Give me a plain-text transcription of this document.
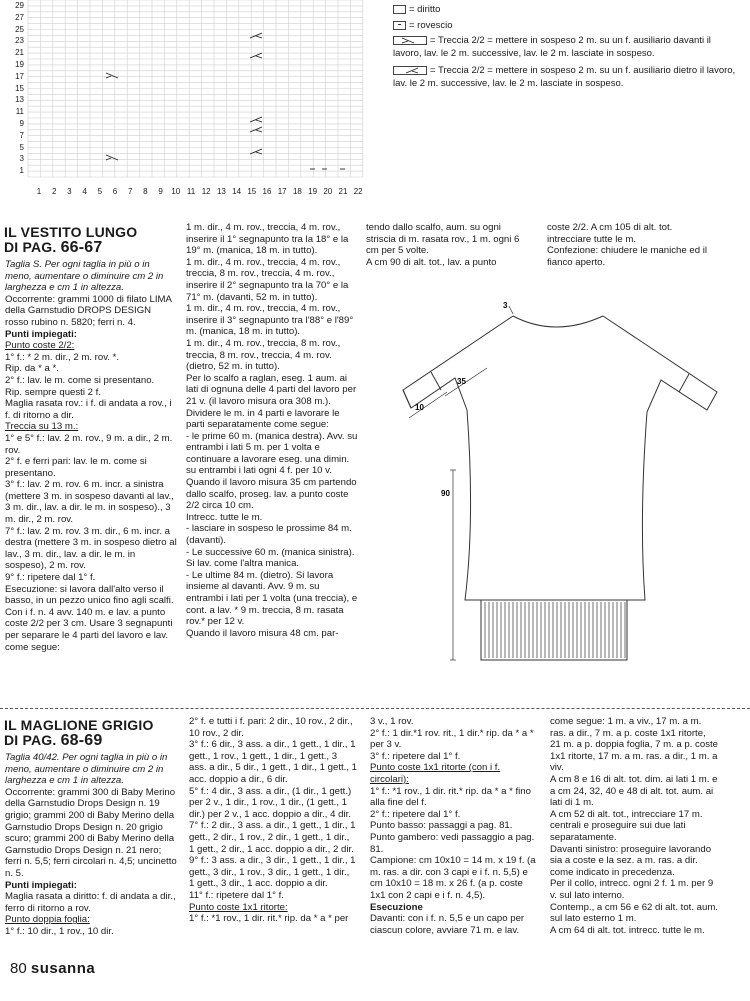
29
27
25
23
21
19
17
15
13
11
9
7
5
3
1
1	2	3	4	5	6	7	8	9	10 11 12 13 14 15 16 17 18 19 20 21 22
= diritto
= rovescio
= Treccia 2/2 = mettere in sospeso 2 m. su un f. ausiliario davanti il lavoro, lav. le 2 m. successive, lav. le 2 m. lasciate in sospeso.
= Treccia 2/2 = mettere in sospeso 2 m. su un f. ausiliario dietro il lavoro, lav. le 2 m. successive, lav. le 2 m. lasciate in sospeso.
IL VESTITO LUNGO
DI PAG. 66-67

Taglia S. Per ogni taglia in più o in meno, aumentare o diminuire cm 2 in larghezza e cm 1 in altezza.

Occorrente: grammi 1000 di filato LIMA della Garnstudio DROPS DESIGN rosso rubino n. 5820; ferri n. 4.

Punti impiegati:

Punto coste 2/2:

1° f.: * 2 m. dir., 2 m. rov. *.

Rip. da * a *.

2° f.: lav. le m. come si presentano.

Rip. sempre questi 2 f.

Maglia rasata rov.: i f. di andata a rov., i f. di ritorno a dir.

Treccia su 13 m.:

1° e 5° f.: lav. 2 m. rov., 9 m. a dir., 2 m. rov.

2° f. e ferri pari: lav. le m. come si presentano.

3° f.: lav. 2 m. rov. 6 m. incr. a sinistra (mettere 3 m. in sospeso davanti al lav., 3 m. dir., lav. a dir. le m. in sospeso)., 3 m. dir., 2 m. rov.

7° f.: lav. 2 m. rov. 3 m. dir., 6 m. incr. a destra (mettere 3 m. in sospeso dietro al lav., 3 m. dir., lav. a dir. le m. in sospeso), 2 m. rov.

9° f.: ripetere dal 1° f.

Esecuzione: si lavora dall'alto verso il basso, in un pezzo unico fino agli scalfi.

Con i f. n. 4 avv. 140 m. e lav. a punto coste 2/2 per 3 cm. Usare 3 segnapunti per separare le 4 parti del lavoro e lav. come segue:

1 m. dir., 4 m. rov., treccia, 4 m. rov., inserire il 1° segnapunto tra la 18° e la 19° m. (manica, 18 m. in tutto).

1 m. dir., 4 m. rov., treccia, 4 m. rov., treccia, 8 m. rov., treccia, 4 m. rov., inserire il 2° segnapunto tra la 70° e la 71° m. (davanti, 52 m. in tutto).

1 m. dir., 4 m. rov., treccia, 4 m. rov., inserire il 3° segnapunto tra l'88° e l'89° m. (manica, 18 m. in tutto).

1 m. dir., 4 m. rov., treccia, 8 m. rov., treccia, 8 m. rov., treccia, 4 m. rov. (dietro, 52 m. in tutto).

Per lo scalfo a raglan, eseg. 1 aum. ai lati di ognuna delle 4 parti del lavoro per 21 v. (il lavoro misura ora 308 m.). Dividere le m. in 4 parti e lavorare le parti separatamente come segue:

- le prime 60 m. (manica destra). Avv. su entrambi i lati 5 m. per 1 volta e continuare a lavorare eseg. una dimin. su entrambi i lati ogni 4 f. per 10 v.

Quando il lavoro misura 35 cm partendo dallo scalfo, proseg. lav. a punto coste 2/2 circa 10 cm.

Intrecc. tutte le m.

- lasciare in sospeso le prossime 84 m. (davanti).

- Le successive 60 m. (manica sinistra). Si lav. come l'altra manica.

- Le ultime 84 m. (dietro). Si lavora insieme al davanti. Avv. 9 m. su entrambi i lati per 1 volta (una treccia), e cont. a lav. * 9 m. treccia, 8 m. rasata rov.* per 12 v.

Quando il lavoro misura 48 cm. par-

tendo dallo scalfo, aum. su ogni striscia di m. rasata rov., 1 m. ogni 6 cm per 5 volte.

A cm 90 di alt. tot., lav. a punto

coste 2/2. A cm 105 di alt. tot. intrecciare tutte le m.

Confezione: chiudere le maniche ed il fianco aperto.

3
35
10
90
IL MAGLIONE GRIGIO
DI PAG. 68-69

Taglia 40/42. Per ogni taglia in più o in meno, aumentare o diminuire cm 2 in larghezza e cm 1 in altezza.

Occorrente: grammi 300 di Baby Merino della Garnstudio Drops Design n. 19 grigio; grammi 200 di Baby Merino della Garnstudio Drops Design n. 20 grigio scuro; grammi 200 di Baby Merino della Garnstudio Drops Design n. 21 nero; ferri n. 5,5; ferri circolari n. 4,5; uncinetto n. 5.

Punti impiegati:

Maglia rasata a diritto: f. di andata a dir., ferro di ritorno a rov.

Punto doppia foglia:

1° f.: 10 dir., 1 rov., 10 dir.

2° f. e tutti i f. pari: 2 dir., 10 rov., 2 dir., 10 rov., 2 dir.

3° f.: 6 dir., 3 ass. a dir., 1 gett., 1 dir., 1 gett., 1 rov., 1 gett., 1 dir., 1 gett., 3 ass. a dir., 5 dir., 1 gett., 1 dir., 1 gett., 1 acc. doppio a dir., 6 dir.

5° f.: 4 dir., 3 ass. a dir., (1 dir., 1 gett.) per 2 v., 1 dir., 1 rov., 1 dir., (1 gett., 1 dir.) per 2 v., 1 acc. doppio a dir., 4 dir.

7° f.: 2 dir., 3 ass. a dir., 1 gett., 1 dir., 1 gett., 2 dir., 1 rov., 2 dir., 1 gett., 1 dir., 1 gett., 2 dir., 1 acc. doppio a dir., 2 dir.

9° f.: 3 ass. a dir., 3 dir., 1 gett., 1 dir., 1 gett., 3 dir., 1 rov., 3 dir., 1 gett., 1 dir., 1 gett., 3 dir., 1 acc. doppio a dir.

11° f.: ripetere dal 1° f.

Punto coste 1x1 ritorte:

1° f.: *1 rov., 1 dir. rit.* rip. da * a * per

3 v., 1 rov.

2° f.: 1 dir.*1 rov. rit., 1 dir.* rip. da * a * per 3 v.

3° f.: ripetere dal 1° f.

Punto coste 1x1 ritorte (con i f. circolari):

1° f.: *1 rov., 1 dir. rit.* rip. da * a * fino alla fine del f.

2° f.: ripetere dal 1° f.

Punto basso: passaggi a pag. 81.

Punto gambero: vedi passaggio a pag. 81.

Campione: cm 10x10 = 14 m. x 19 f. (a m. ras. a dir. con 3 capi e i f. n. 5,5) e cm 10x10 = 18 m. x 26 f. (a p. coste 1x1 con 2 capi e i f. n. 4,5).

Esecuzione

Davanti: con i f. n. 5,5 e un capo per ciascun colore, avviare 71 m. e lav.

come segue: 1 m. a viv., 17 m. a m. ras. a dir., 7 m. a p. coste 1x1 ritorte, 21 m. a p. doppia foglia, 7 m. a p. coste 1x1 ritorte, 17 m. a m. ras. a dir., 1 m. a viv.

A cm 8 e 16 di alt. tot. dim. ai lati 1 m. e a cm 24, 32, 40 e 48 di alt. tot. aum. ai lati di 1 m.

A cm 52 di alt. tot., intrecciare 17 m. centrali e proseguire sui due lati separatamente.

Davanti sinistro: proseguire lavorando sia a coste e la sez. a m. ras. a dir. come indicato in precedenza.

Per il collo, intrecc. ogni 2 f. 1 m. per 9 v. sul lato interno.

Contemp., a cm 56 e 62 di alt. tot. aum. sul lato esterno 1 m.

A cm 64 di alt. tot. intrecc. tutte le m.

80 susanna
